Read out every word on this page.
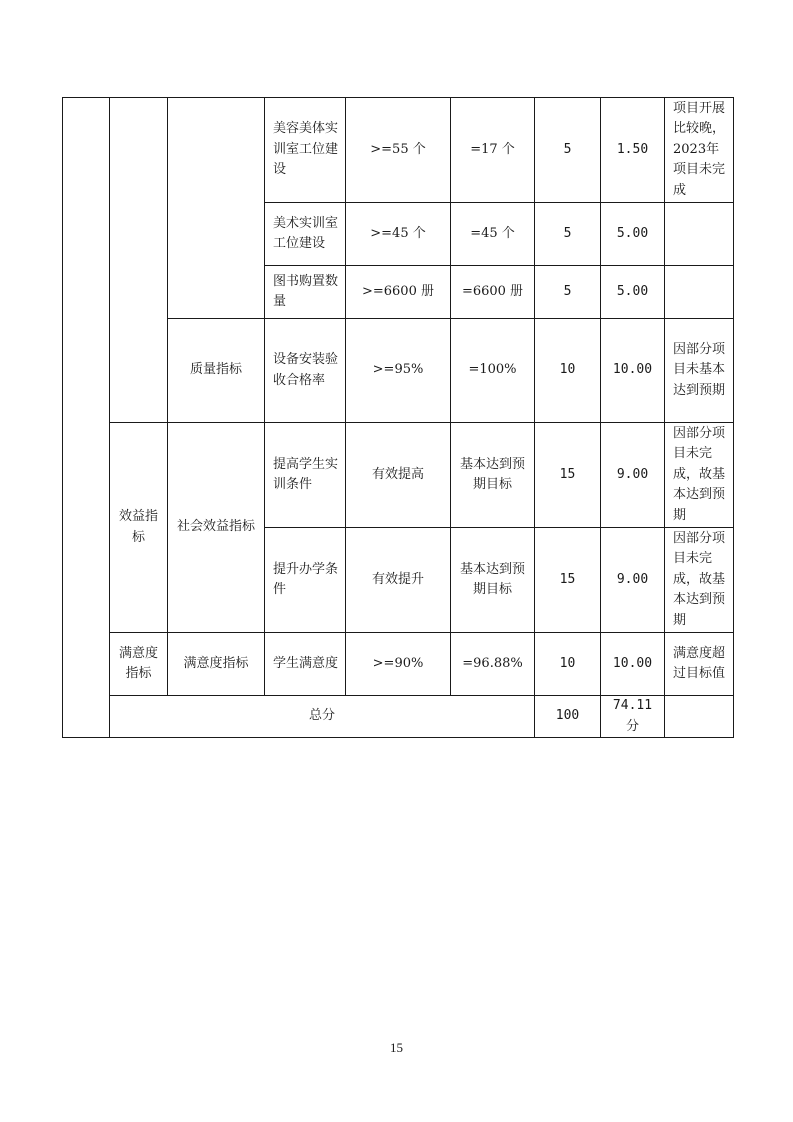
			美容美体实训室工位建设	>=55 个	=17 个	5	1.50	项目开展比较晚，2023年项目未完成
			美术实训室工位建设	>=45 个	=45 个	5	5.00	
			图书购置数量	>=6600 册	=6600 册	5	5.00	
		质量指标	设备安装验收合格率	>=95%	=100%	10	10.00	因部分项目未基本达到预期
	效益指标	社会效益指标	提高学生实训条件	有效提高	基本达到预期目标	15	9.00	因部分项目未完成，故基本达到预期
			提升办学条件	有效提升	基本达到预期目标	15	9.00	因部分项目未完成，故基本达到预期
	满意度指标	满意度指标	学生满意度	>=90%	=96.88%	10	10.00	满意度超过目标值
	总分					100	74.11 分	
15
